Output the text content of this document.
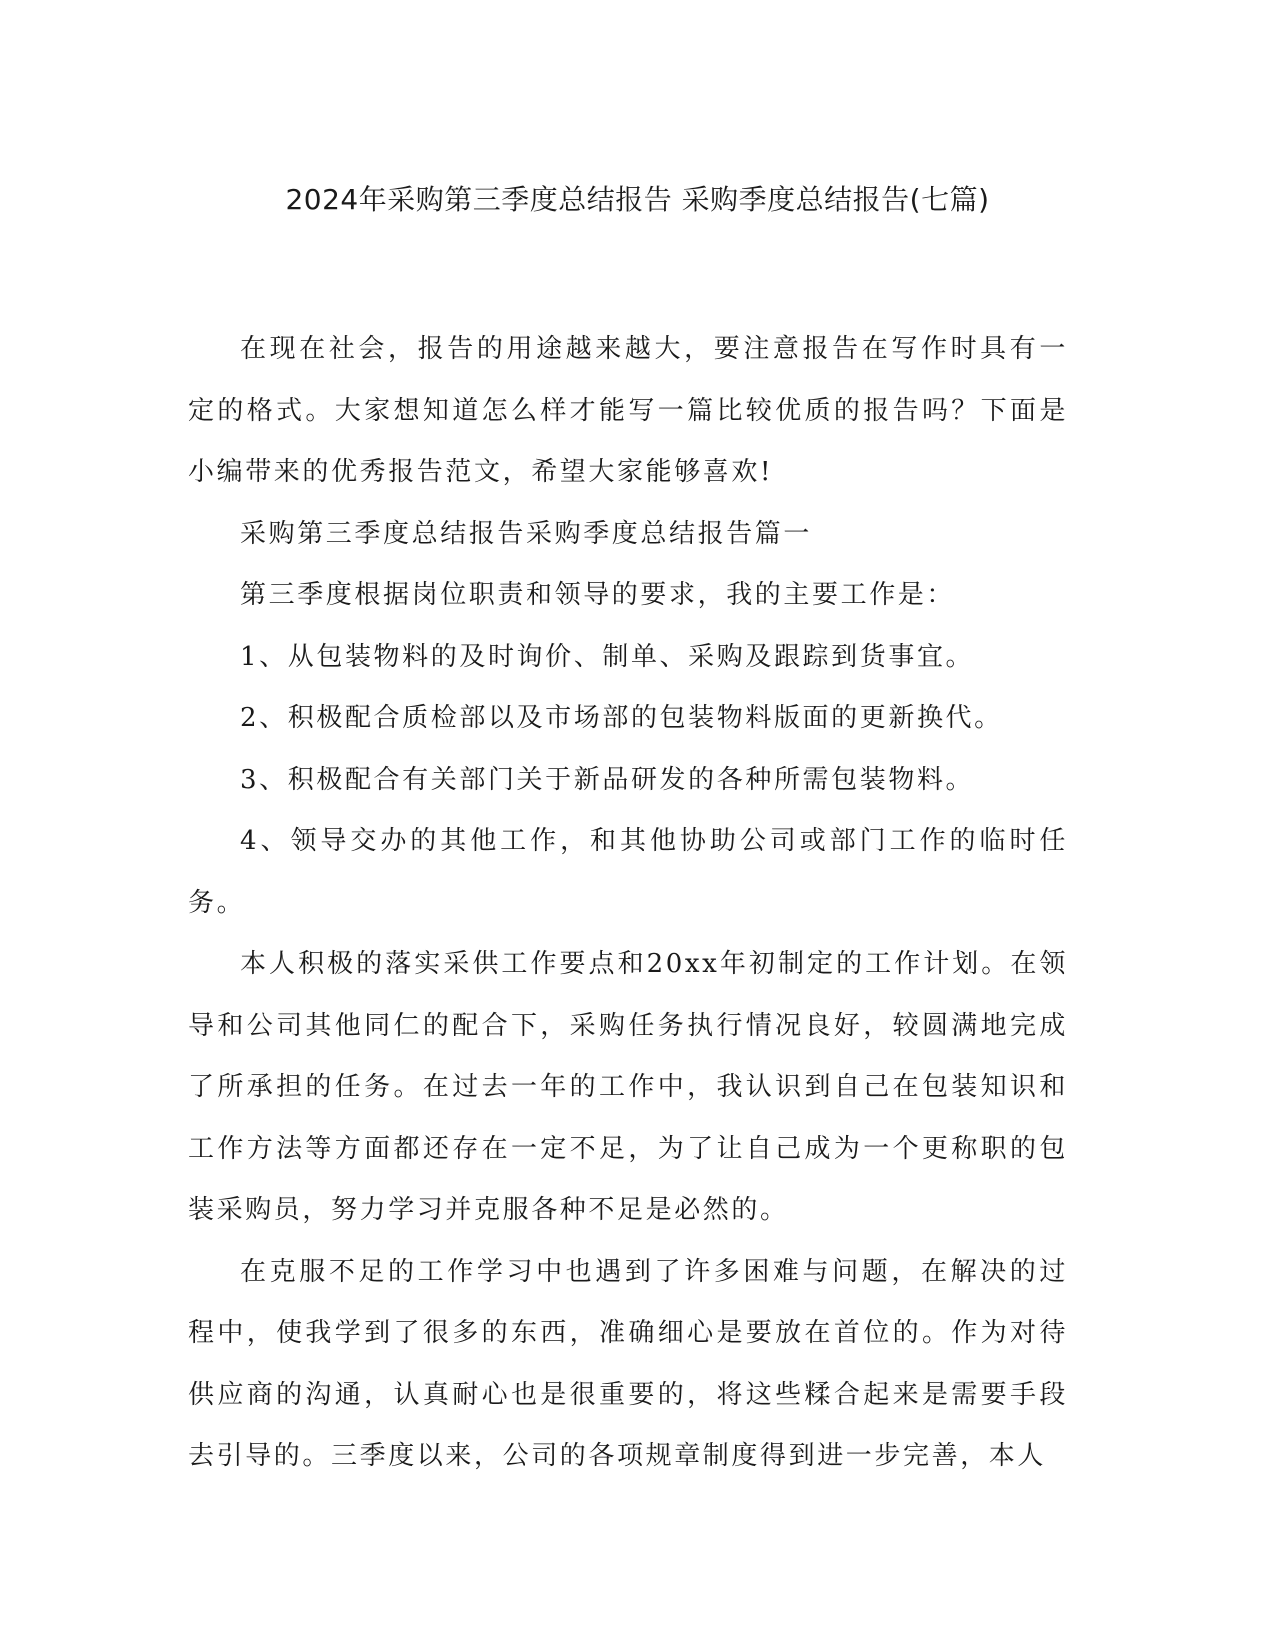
2024年采购第三季度总结报告 采购季度总结报告(七篇)

在现在社会，报告的用途越来越大，要注意报告在写作时具有一定的格式。大家想知道怎么样才能写一篇比较优质的报告吗？下面是小编带来的优秀报告范文，希望大家能够喜欢!

采购第三季度总结报告采购季度总结报告篇一

第三季度根据岗位职责和领导的要求，我的主要工作是：

1、从包装物料的及时询价、制单、采购及跟踪到货事宜。

2、积极配合质检部以及市场部的包装物料版面的更新换代。

3、积极配合有关部门关于新品研发的各种所需包装物料。

4、领导交办的其他工作，和其他协助公司或部门工作的临时任务。

本人积极的落实采供工作要点和20xx年初制定的工作计划。在领导和公司其他同仁的配合下，采购任务执行情况良好，较圆满地完成了所承担的任务。在过去一年的工作中，我认识到自己在包装知识和工作方法等方面都还存在一定不足，为了让自己成为一个更称职的包装采购员，努力学习并克服各种不足是必然的。

在克服不足的工作学习中也遇到了许多困难与问题，在解决的过程中，使我学到了很多的东西，准确细心是要放在首位的。作为对待供应商的沟通，认真耐心也是很重要的，将这些糅合起来是需要手段去引导的。三季度以来，公司的各项规章制度得到进一步完善，本人
